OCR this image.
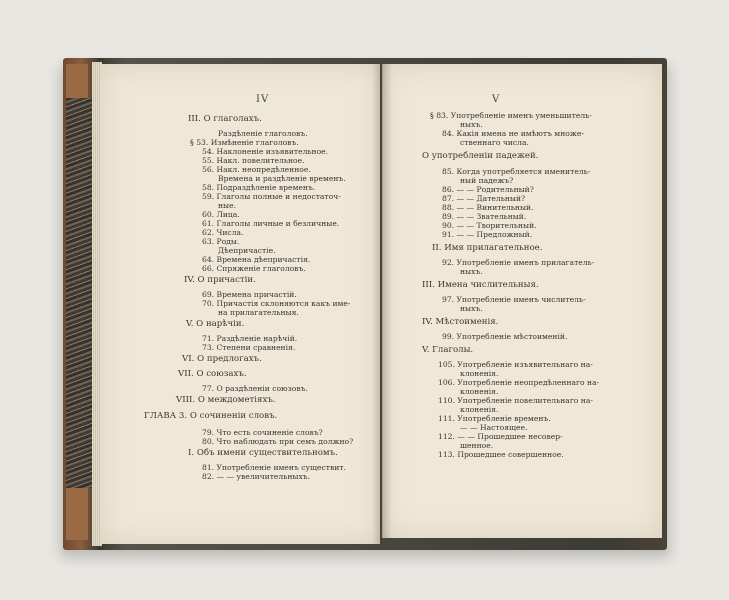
IV
III. О глаголахъ.
Раздѣленіе глаголовъ.
§ 53. Измѣненіе глаголовъ.
54. Наклоненіе изъявительное.
55. Накл. повелительное.
56. Накл. неопредѣленное.
Времена и раздѣленіе временъ.
58. Подраздѣленіе временъ.
59. Глаголы полные и недостаточ-
ные.
60. Лица.
61. Глаголы личные и безличные.
62. Числа.
63. Роды.
Дѣепричастіе.
64. Времена дѣепричастія.
66. Спряженіе глаголовъ.
IV. О причастіи.
69. Времена причастій.
70. Причастія склоняются какъ име-
на прилагательныя.
V. О нарѣчіи.
71. Раздѣленіе нарѣчій.
73. Степени сравненія.
VI. О предлогахъ.
VII. О союзахъ.
77. О раздѣленіи союзовъ.
VIII. О междометіяхъ.
ГЛАВА 3. О сочиненіи словъ.
79. Что есть сочиненіе словъ?
80. Что наблюдать при семъ должно?
I. Объ имени существительномъ.
81. Употребленіе именъ существит.
82. — — увеличительныхъ.
V
§ 83. Употребленіе именъ уменьшитель-
ныхъ.
84. Какія имена не имѣютъ множе-
ственнаго числа.
О употребленіи падежей.
85. Когда употребляется именитель-
ный падежъ?
86. — — Родительный?
87. — — Дательный?
88. — — Винительный.
89. — — Звательный.
90. — — Творительный.
91. — — Предложный.
II. Имя прилагательное.
92. Употребленіе именъ прилагатель-
ныхъ.
III. Имена числительныя.
97. Употребленіе именъ числитель-
ныхъ.
IV. Мѣстоименія.
99. Употребленіе мѣстоименій.
V. Глаголы.
105. Употребленіе изъявительнаго на-
клоненія.
106. Употребленіе неопредѣленнаго на-
клоненія.
110. Употребленіе повелительнаго на-
клоненія.
111. Употребленіе временъ.
— — Настоящее.
112. — — Прошедшее несовер-
шенное.
113. Прошедшее совершенное.
